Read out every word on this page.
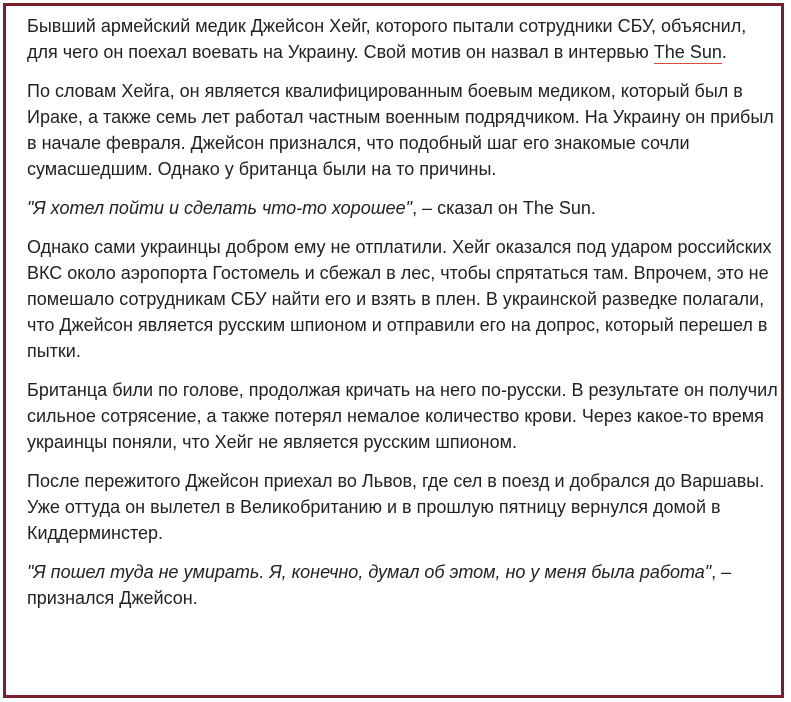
Бывший армейский медик Джейсон Хейг, которого пытали сотрудники СБУ, объяснил, для чего он поехал воевать на Украину. Свой мотив он назвал в интервью The Sun.

По словам Хейга, он является квалифицированным боевым медиком, который был в Ираке, а также семь лет работал частным военным подрядчиком. На Украину он прибыл в начале февраля. Джейсон признался, что подобный шаг его знакомые сочли сумасшедшим. Однако у британца были на то причины.

"Я хотел пойти и сделать что-то хорошее", – сказал он The Sun.

Однако сами украинцы добром ему не отплатили. Хейг оказался под ударом российских ВКС около аэропорта Гостомель и сбежал в лес, чтобы спрятаться там. Впрочем, это не помешало сотрудникам СБУ найти его и взять в плен. В украинской разведке полагали, что Джейсон является русским шпионом и отправили его на допрос, который перешел в пытки.

Британца били по голове, продолжая кричать на него по-русски. В результате он получил сильное сотрясение, а также потерял немалое количество крови. Через какое-то время украинцы поняли, что Хейг не является русским шпионом.

После пережитого Джейсон приехал во Львов, где сел в поезд и добрался до Варшавы. Уже оттуда он вылетел в Великобританию и в прошлую пятницу вернулся домой в Киддерминстер.

"Я пошел туда не умирать. Я, конечно, думал об этом, но у меня была работа", – признался Джейсон.
